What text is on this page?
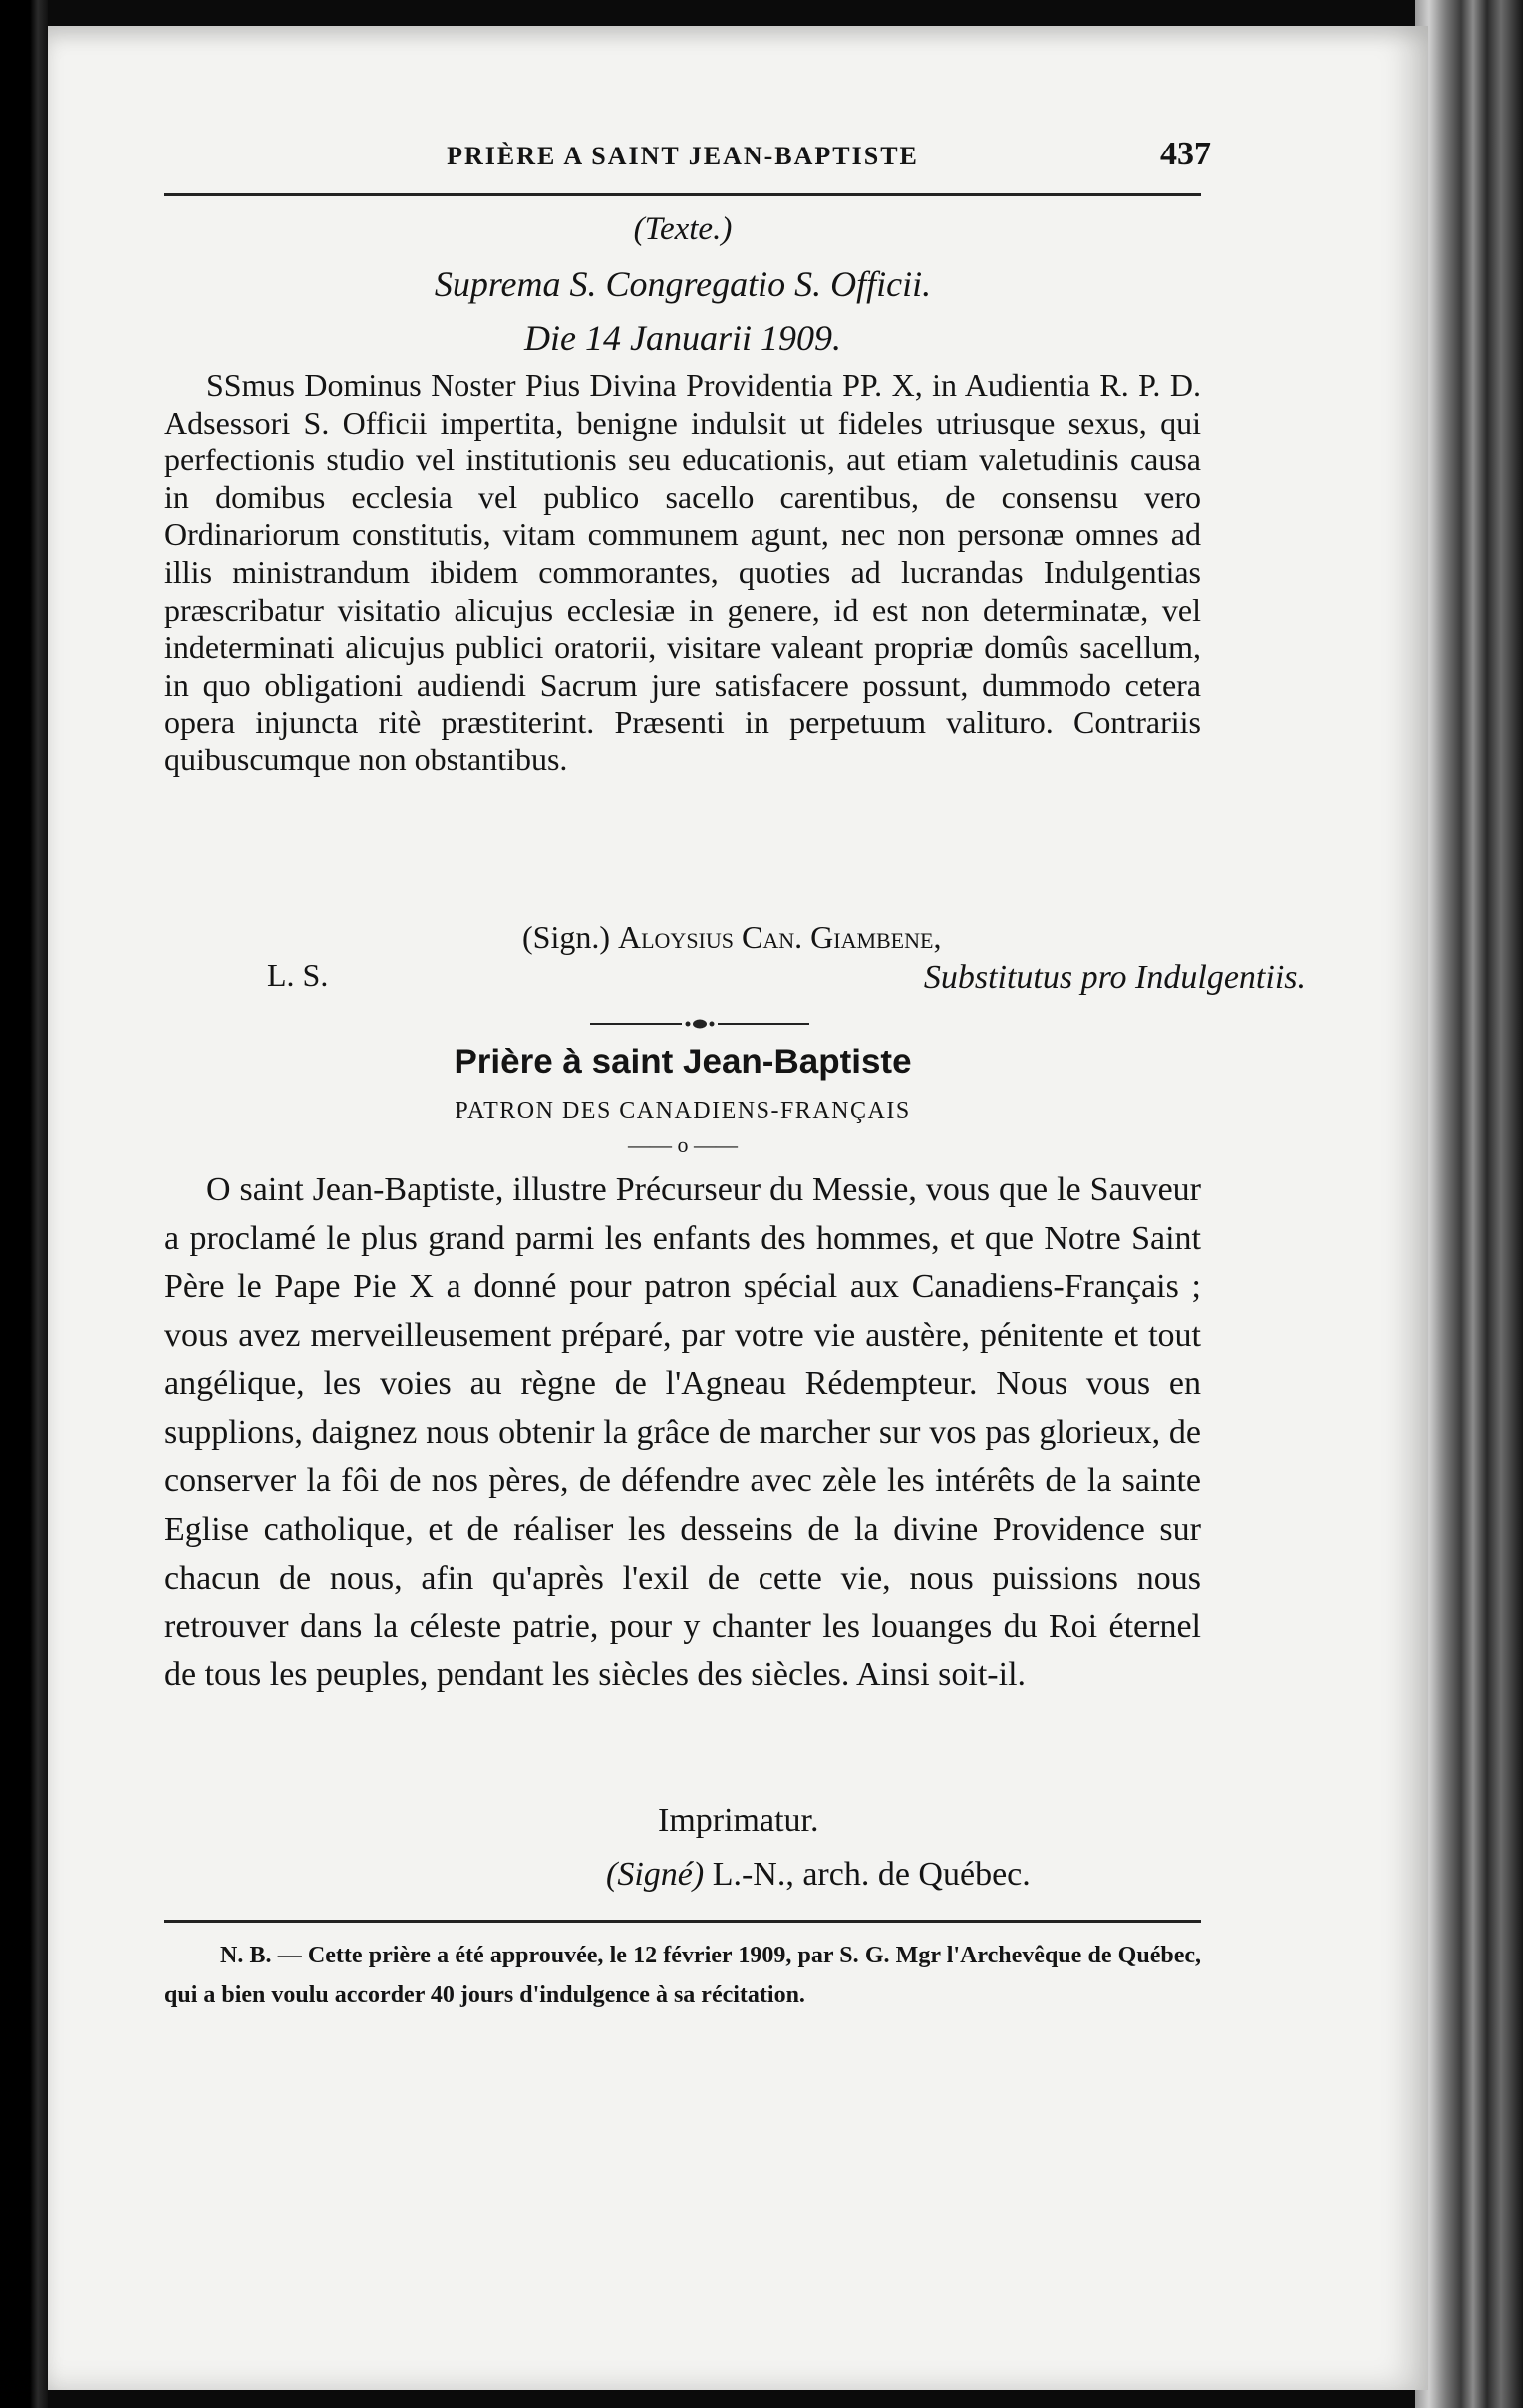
PRIÈRE A SAINT JEAN-BAPTISTE	437
(Texte.)
Suprema S. Congregatio S. Officii.
Die 14 Januarii 1909.
SSmus Dominus Noster Pius Divina Providentia PP. X, in Audientia R. P. D. Adsessori S. Officii impertita, benigne indulsit ut fideles utriusque sexus, qui perfectionis studio vel institutionis seu educationis, aut etiam valetudinis causa in domibus ecclesia vel publico sacello carentibus, de consensu vero Ordinariorum constitutis, vitam communem agunt, nec non personæ omnes ad illis ministrandum ibidem commorantes, quoties ad lucrandas Indulgentias præscribatur visitatio alicujus ecclesiæ in genere, id est non determinatæ, vel indeterminati alicujus publici oratorii, visitare valeant propriæ domûs sacellum, in quo obligationi audiendi Sacrum jure satisfacere possunt, dummodo cetera opera injuncta ritè præstiterint. Præsenti in perpetuum valituro. Contrariis quibuscumque non obstantibus.
(Sign.) Aloysius Can. Giambene,
L. S.	Substitutus pro Indulgentiis.
Prière à saint Jean-Baptiste
PATRON DES CANADIENS-FRANÇAIS
—— o ——
O saint Jean-Baptiste, illustre Précurseur du Messie, vous que le Sauveur a proclamé le plus grand parmi les enfants des hommes, et que Notre Saint Père le Pape Pie X a donné pour patron spécial aux Canadiens-Français ; vous avez merveilleusement préparé, par votre vie austère, pénitente et tout angélique, les voies au règne de l'Agneau Rédempteur. Nous vous en supplions, daignez nous obtenir la grâce de marcher sur vos pas glorieux, de conserver la fôi de nos pères, de défendre avec zèle les intérêts de la sainte Eglise catholique, et de réaliser les desseins de la divine Providence sur chacun de nous, afin qu'après l'exil de cette vie, nous puissions nous retrouver dans la céleste patrie, pour y chanter les louanges du Roi éternel de tous les peuples, pendant les siècles des siècles. Ainsi soit-il.
Imprimatur.
(Signé) L.-N., arch. de Québec.
N. B. — Cette prière a été approuvée, le 12 février 1909, par S. G. Mgr l'Archevêque de Québec, qui a bien voulu accorder 40 jours d'indulgence à sa récitation.
